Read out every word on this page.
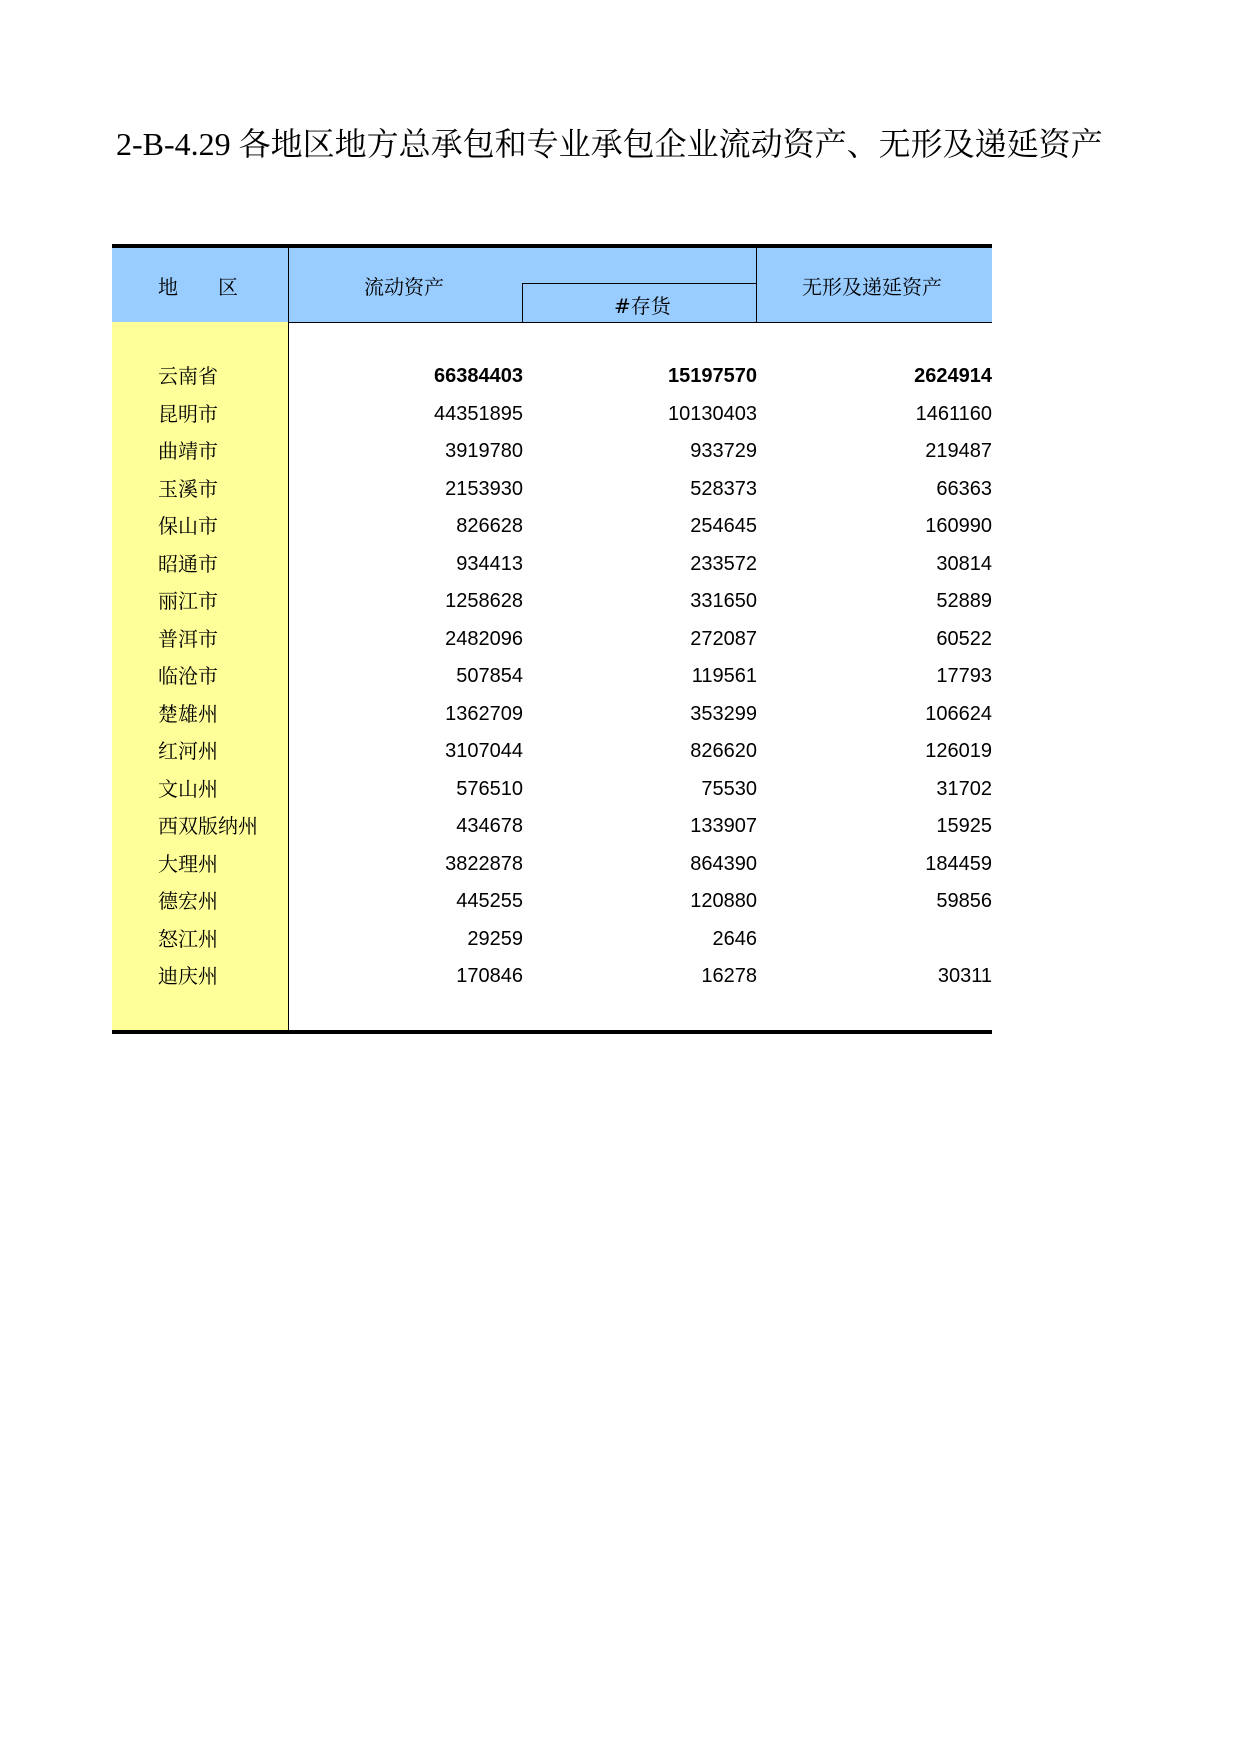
2-B-4.29 各地区地方总承包和专业承包企业流动资产、无形及递延资产
地　　区	流动资产
#存货
无形及递延资产
云南省	66384403	15197570	2624914
昆明市	44351895	10130403	1461160
曲靖市	3919780	933729	219487
玉溪市	2153930	528373	66363
保山市	826628	254645	160990
昭通市	934413	233572	30814
丽江市	1258628	331650	52889
普洱市	2482096	272087	60522
临沧市	507854	119561	17793
楚雄州	1362709	353299	106624
红河州	3107044	826620	126019
文山州	576510	75530	31702
西双版纳州	434678	133907	15925
大理州	3822878	864390	184459
德宏州	445255	120880	59856
怒江州	29259	2646
迪庆州	170846	16278	30311
